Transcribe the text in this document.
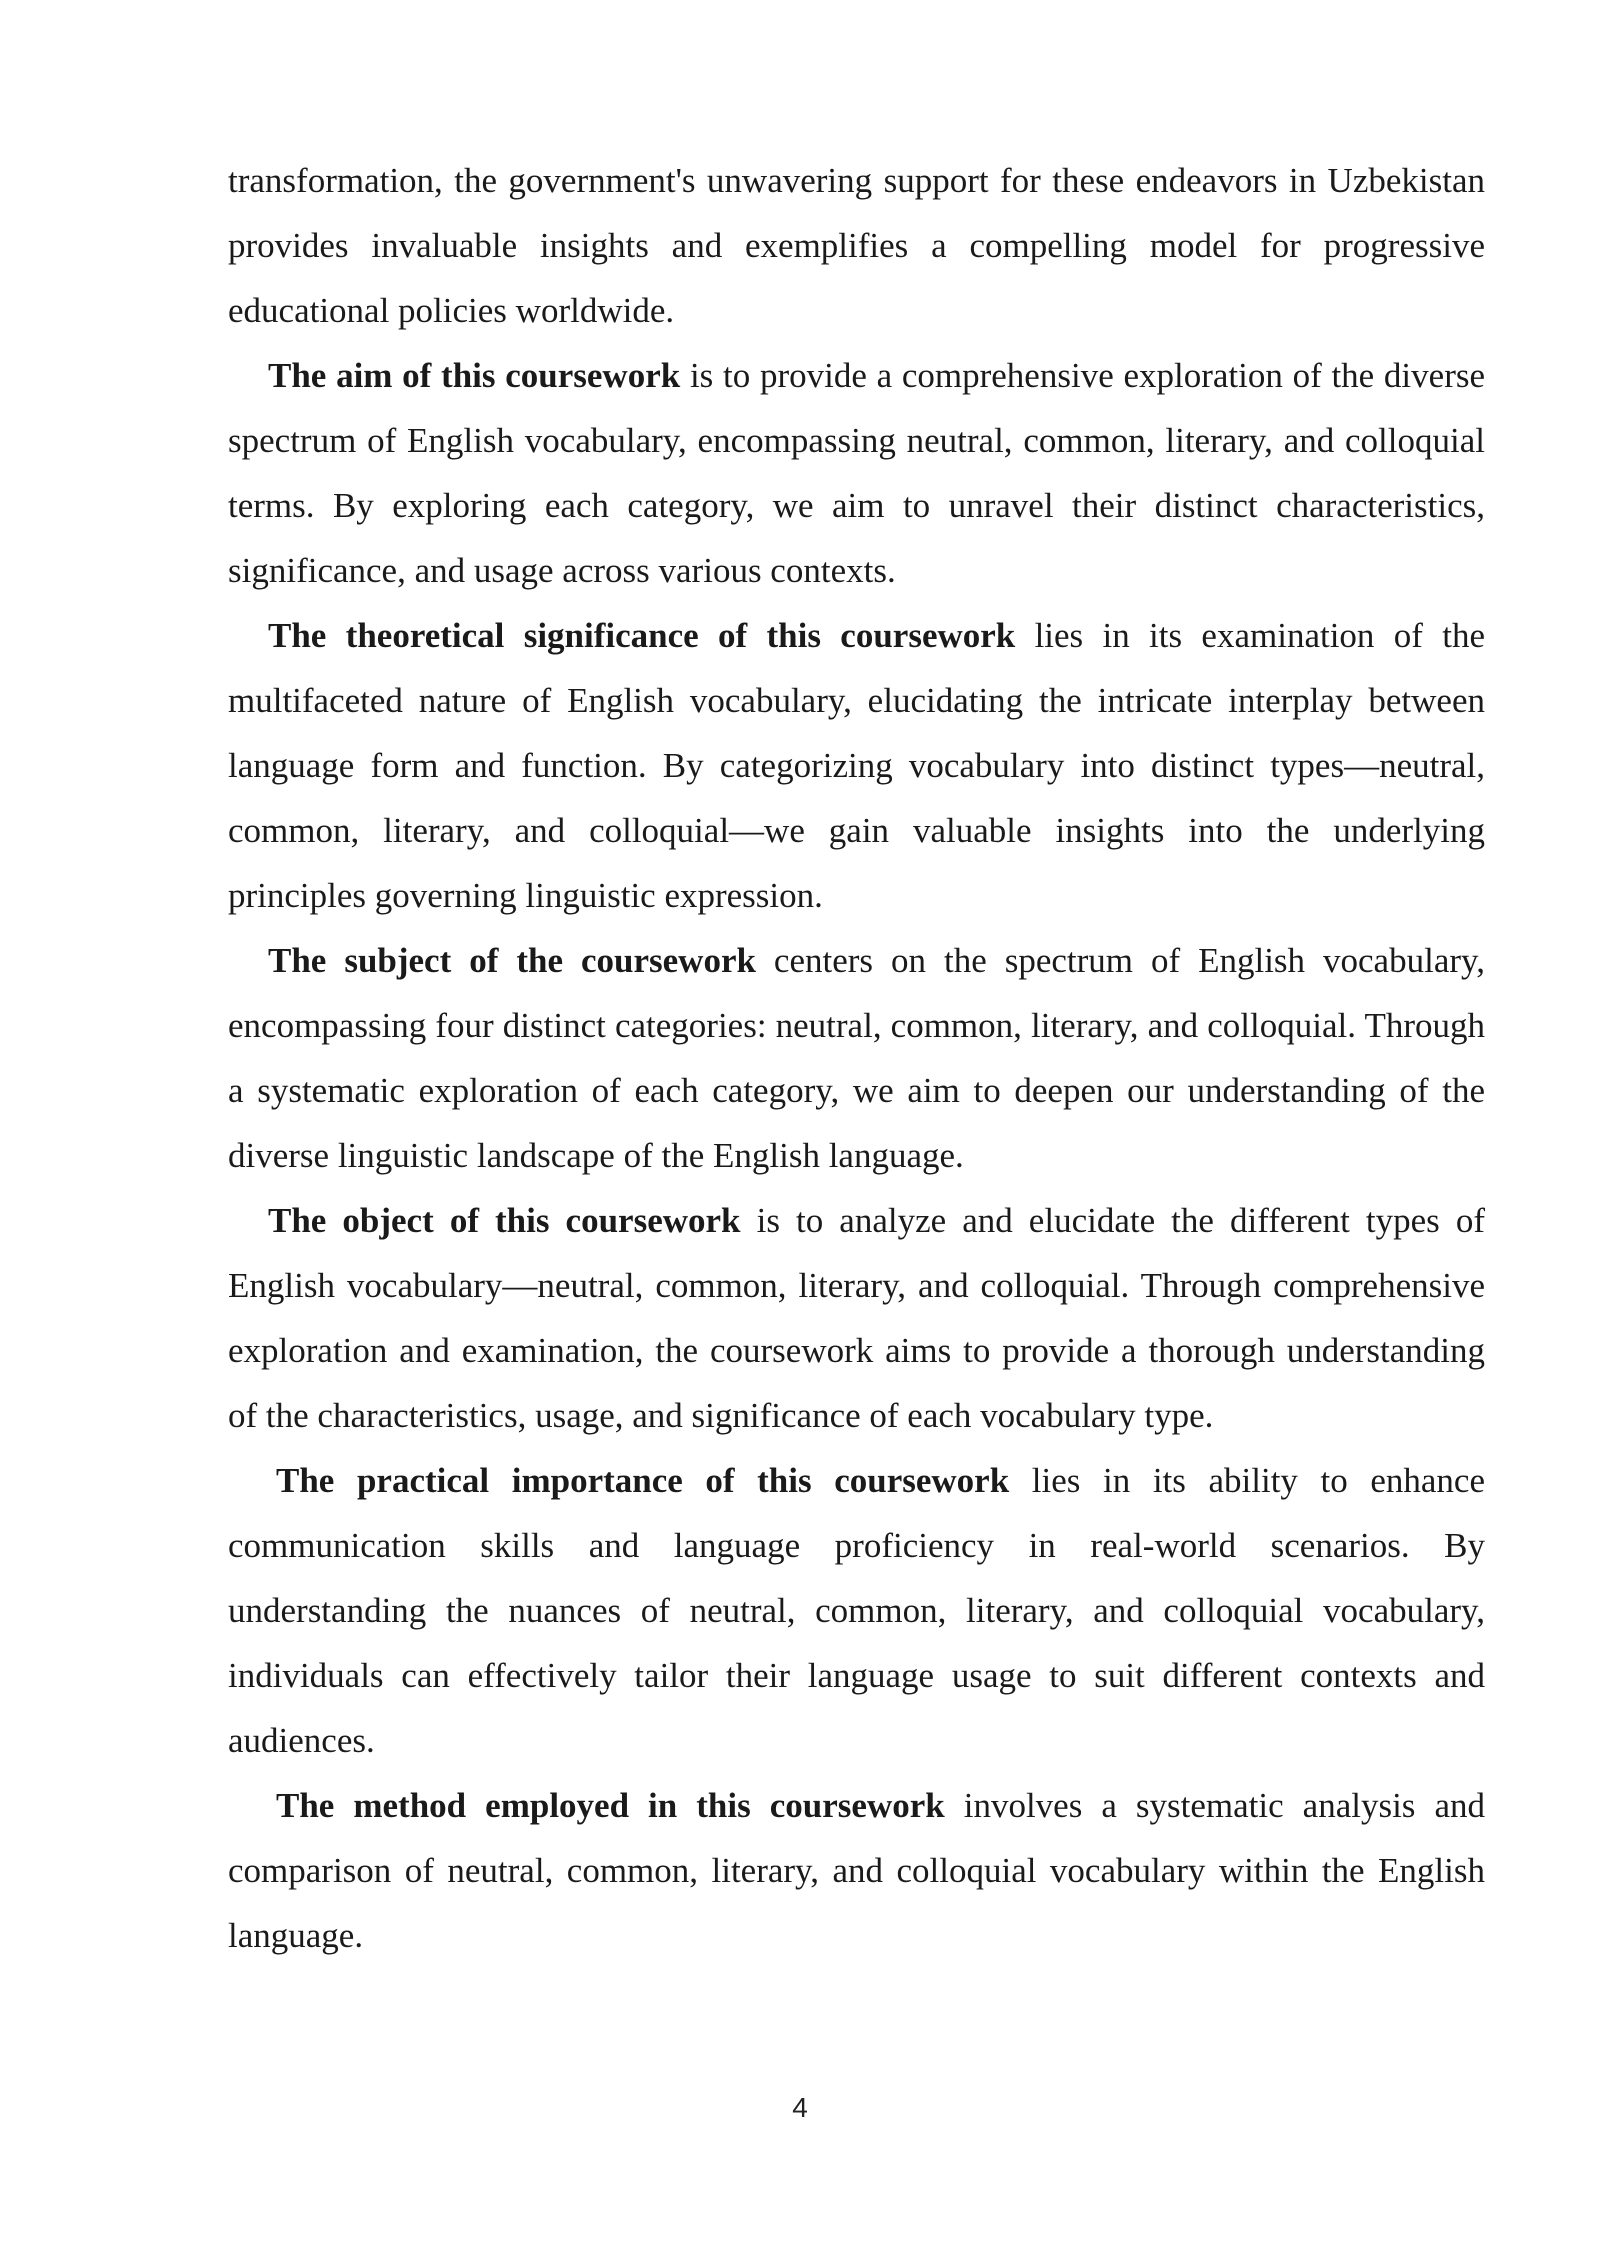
transformation, the government's unwavering support for these endeavors in Uzbekistan provides invaluable insights and exemplifies a compelling model for progressive educational policies worldwide.

The aim of this coursework is to provide a comprehensive exploration of the diverse spectrum of English vocabulary, encompassing neutral, common, literary, and colloquial terms. By exploring each category, we aim to unravel their distinct characteristics, significance, and usage across various contexts.

The theoretical significance of this coursework lies in its examination of the multifaceted nature of English vocabulary, elucidating the intricate interplay between language form and function. By categorizing vocabulary into distinct types—neutral, common, literary, and colloquial—we gain valuable insights into the underlying principles governing linguistic expression.

The subject of the coursework centers on the spectrum of English vocabulary, encompassing four distinct categories: neutral, common, literary, and colloquial. Through a systematic exploration of each category, we aim to deepen our understanding of the diverse linguistic landscape of the English language.

The object of this coursework is to analyze and elucidate the different types of English vocabulary—neutral, common, literary, and colloquial. Through comprehensive exploration and examination, the coursework aims to provide a thorough understanding of the characteristics, usage, and significance of each vocabulary type.

The practical importance of this coursework lies in its ability to enhance communication skills and language proficiency in real-world scenarios. By understanding the nuances of neutral, common, literary, and colloquial vocabulary, individuals can effectively tailor their language usage to suit different contexts and audiences.

The method employed in this coursework involves a systematic analysis and comparison of neutral, common, literary, and colloquial vocabulary within the English language.

4
